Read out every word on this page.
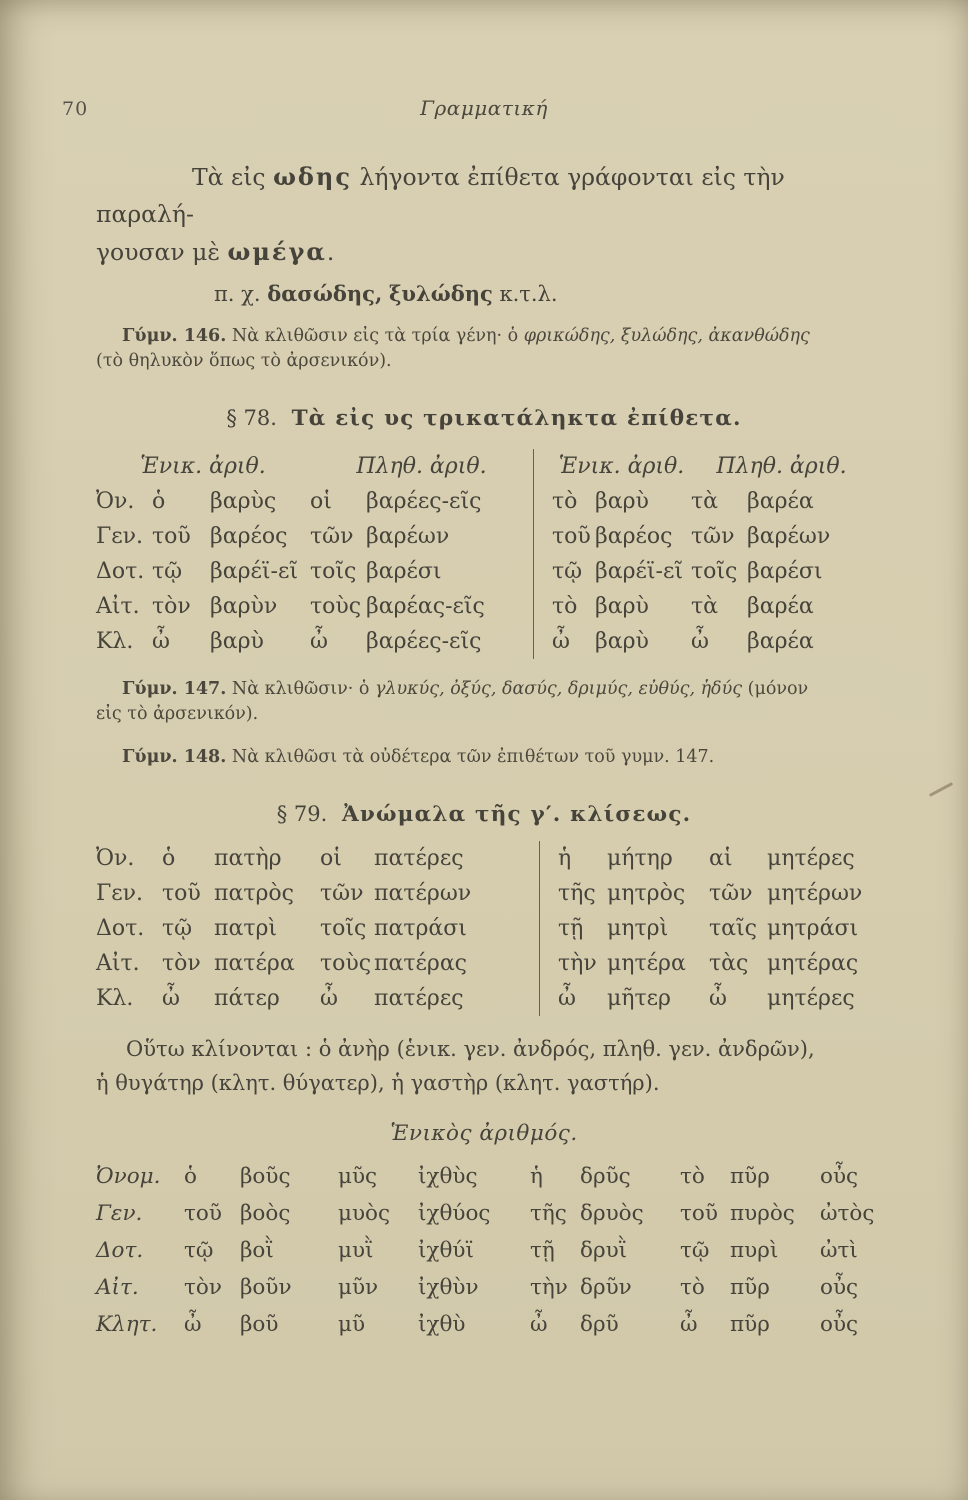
70	Γραμματική

Τὰ εἰς ωδης λήγοντα ἐπίθετα γράφονται εἰς τὴν παραλή-
γουσαν μὲ ωμέγα.

π. χ. δασώδης, ξυλώδης κ.τ.λ.

Γύμν. 146. Νὰ κλιθῶσιν εἰς τὰ τρία γένη· ὁ φρικώδης, ξυλώδης, ἀκανθώδης
(τὸ θηλυκὸν ὅπως τὸ ἀρσενικόν).

§ 78. Τὰ εἰς υς τρικατάληκτα ἐπίθετα.
Ἑνικ. ἀριθ.	Πληθ. ἀριθ.	Ἑνικ. ἀριθ.	Πληθ. ἀριθ.
Ὀν. ὁ	βαρὺς	οἱ	βαρέες-εῖς	τὸ βαρὺ	τὰ	βαρέα
Γεν. τοῦ βαρέος	τῶν βαρέων	τοῦ βαρέος τῶν βαρέων
Δοτ. τῷ	βαρέϊ-εῖ τοῖς βαρέσι	τῷ βαρέϊ-εῖ τοῖς βαρέσι
Αἰτ. τὸν βαρὺν	τοὺς βαρέας-εῖς	τὸ βαρὺ	τὰ	βαρέα
Κλ. ὦ	βαρὺ	ὦ	βαρέες-εῖς	ὦ	βαρὺ	ὦ	βαρέα

Γύμν. 147. Νὰ κλιθῶσιν· ὁ γλυκύς, ὀξύς, δασύς, δριμύς, εὐθύς, ἡδύς (μόνον
εἰς τὸ ἀρσενικόν).

Γύμν. 148. Νὰ κλιθῶσι τὰ οὐδέτερα τῶν ἐπιθέτων τοῦ γυμν. 147.

§ 79. Ἀνώμαλα τῆς γ′. κλίσεως.
Ὀν.	ὁ	πατὴρ	οἱ	πατέρες	ἡ	μήτηρ	αἱ	μητέρες
Γεν. τοῦ πατρὸς	τῶν πατέρων	τῆς μητρὸς	τῶν μητέρων
Δοτ. τῷ πατρὶ	τοῖς πατράσι	τῇ	μητρὶ	ταῖς μητράσι
Αἰτ.	τὸν πατέρα	τοὺς πατέρας	τὴν μητέρα	τὰς μητέρας
Κλ.	ὦ	πάτερ	ὦ	πατέρες	ὦ	μῆτερ	ὦ	μητέρες

Οὕτω κλίνονται : ὁ ἀνὴρ (ἑνικ. γεν. ἀνδρός, πληθ. γεν. ἀνδρῶν),
ἡ θυγάτηρ (κλητ. θύγατερ), ἡ γαστὴρ (κλητ. γαστήρ).

Ἑνικὸς ἀριθμός.
Ὀνομ.	ὁ	βοῦς	μῦς	ἰχθὺς	ἡ	δρῦς	τὸ	πῦρ	οὖς
Γεν.	τοῦ βοὸς	μυὸς	ἰχθύος	τῆς δρυὸς	τοῦ πυρὸς	ὠτὸς
Δοτ.	τῷ	βοῒ	μυῒ	ἰχθύϊ	τῇ	δρυῒ	τῷ πυρὶ	ὠτὶ
Αἰτ.	τὸν βοῦν	μῦν	ἰχθὺν	τὴν δρῦν	τὸ	πῦρ	οὖς
Κλητ.	ὦ	βοῦ	μῦ	ἰχθὺ	ὦ	δρῦ	ὦ	πῦρ	οὖς
